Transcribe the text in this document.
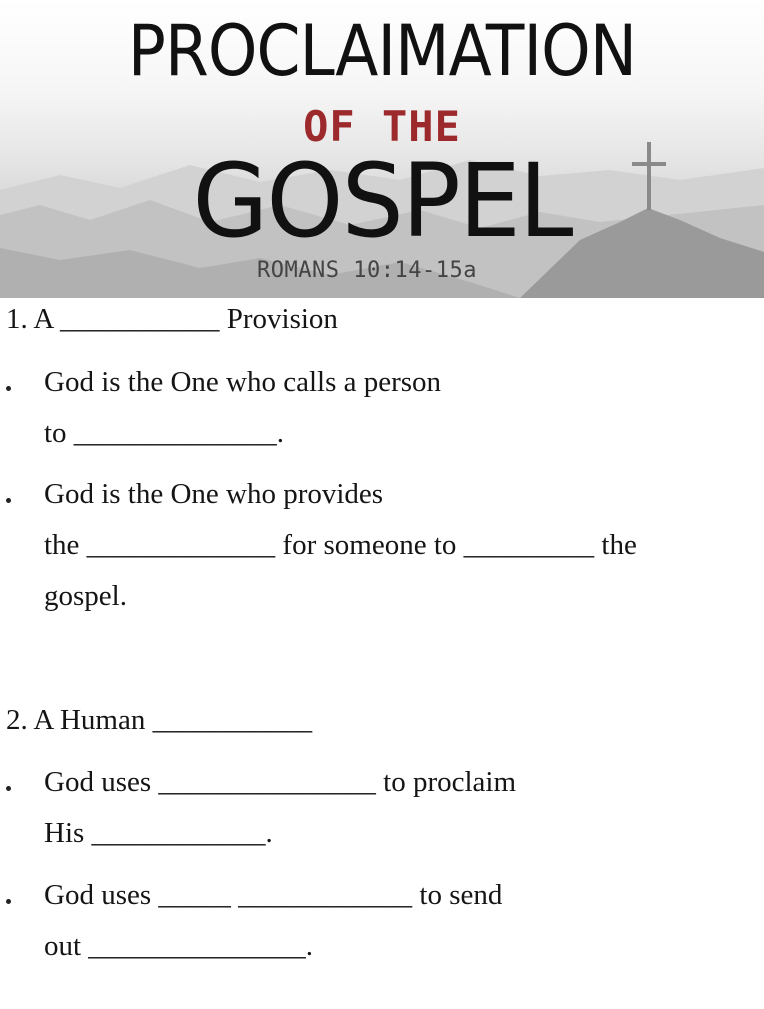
PROCLAIMATION
OF THE
GOSPEL
ROMANS 10:14-15a
1. A ___________ Provision
God is the One who calls a person
to ______________.
God is the One who provides
the _____________ for someone to _________ the
gospel.
2. A Human ___________
God uses _______________ to proclaim
His ____________.
God uses _____ ____________ to send
out _______________.
